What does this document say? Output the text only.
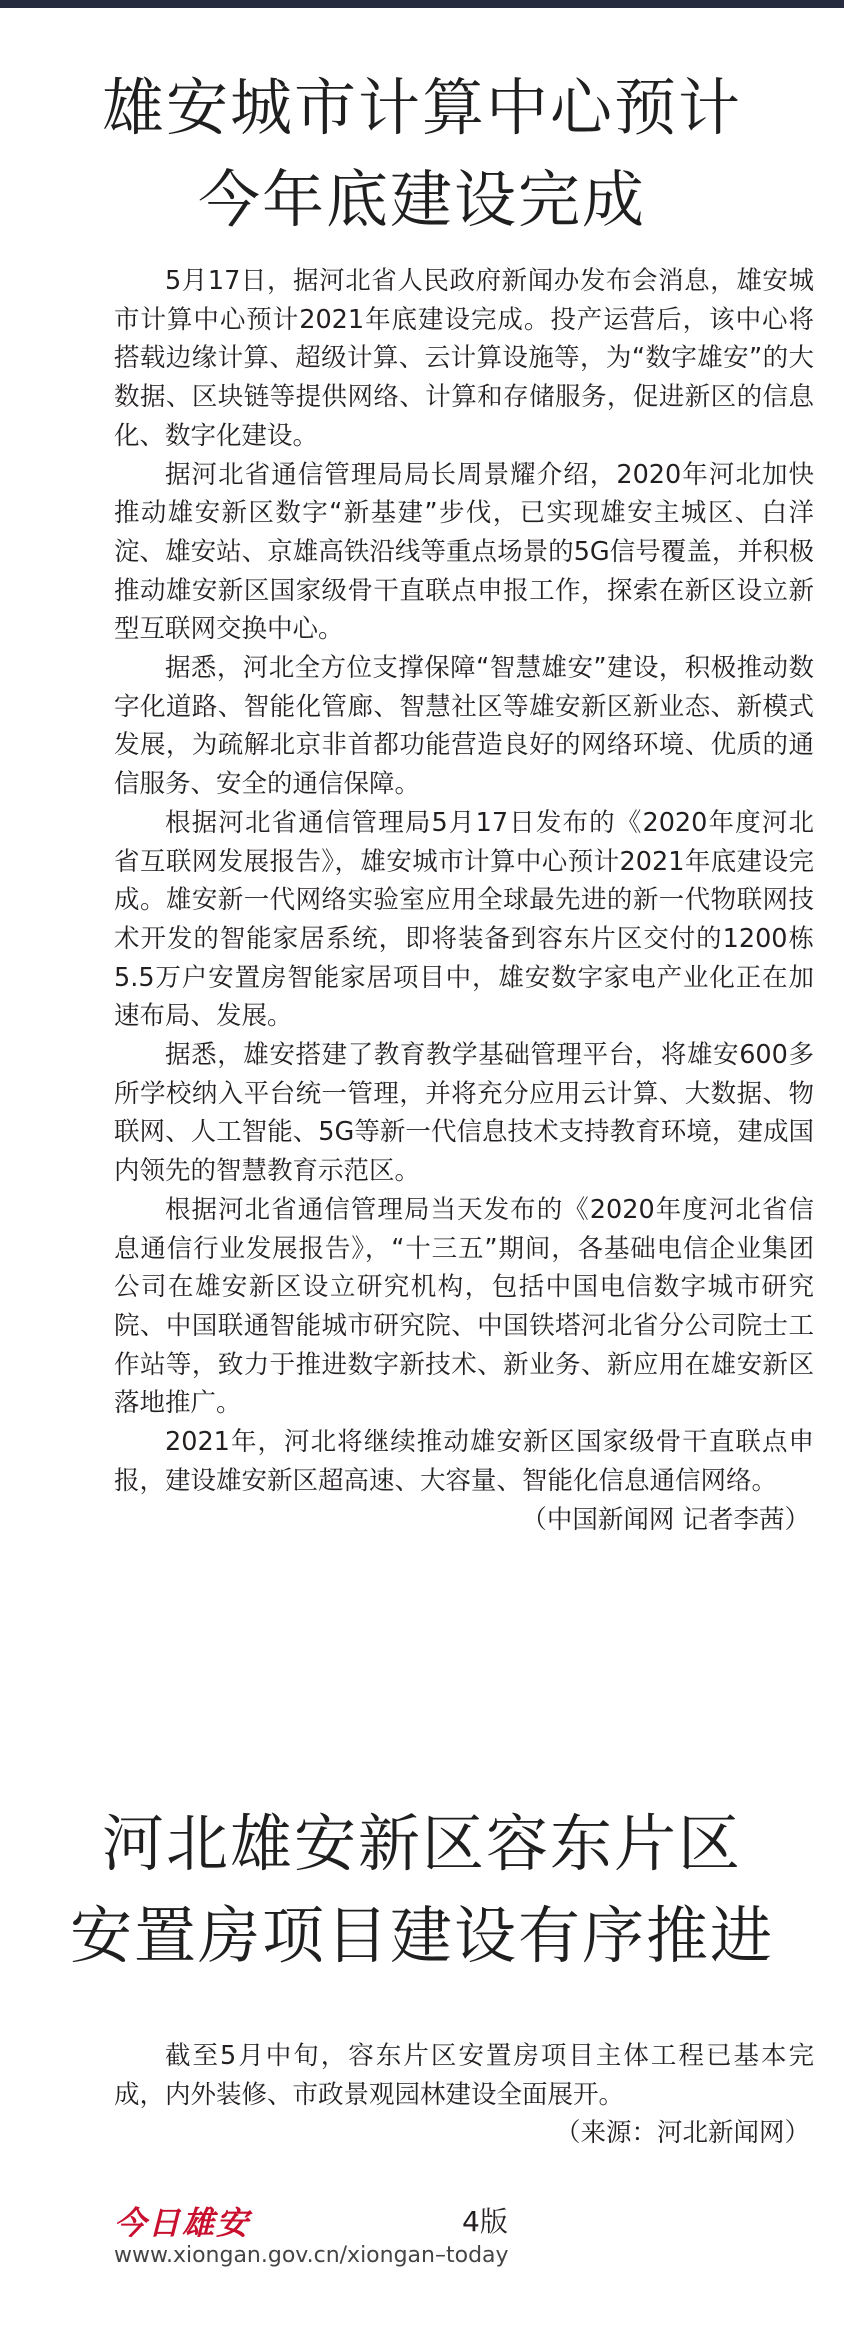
雄安城市计算中心预计
今年底建设完成

5月17日，据河北省人民政府新闻办发布会消息，雄安城市计算中心预计2021年底建设完成。投产运营后，该中心将搭载边缘计算、超级计算、云计算设施等，为“数字雄安”的大数据、区块链等提供网络、计算和存储服务，促进新区的信息化、数字化建设。

据河北省通信管理局局长周景耀介绍，2020年河北加快推动雄安新区数字“新基建”步伐，已实现雄安主城区、白洋淀、雄安站、京雄高铁沿线等重点场景的5G信号覆盖，并积极推动雄安新区国家级骨干直联点申报工作，探索在新区设立新型互联网交换中心。

据悉，河北全方位支撑保障“智慧雄安”建设，积极推动数字化道路、智能化管廊、智慧社区等雄安新区新业态、新模式发展，为疏解北京非首都功能营造良好的网络环境、优质的通信服务、安全的通信保障。

根据河北省通信管理局5月17日发布的《2020年度河北省互联网发展报告》，雄安城市计算中心预计2021年底建设完成。雄安新一代网络实验室应用全球最先进的新一代物联网技术开发的智能家居系统，即将装备到容东片区交付的1200栋5.5万户安置房智能家居项目中，雄安数字家电产业化正在加速布局、发展。

据悉，雄安搭建了教育教学基础管理平台，将雄安600多所学校纳入平台统一管理，并将充分应用云计算、大数据、物联网、人工智能、5G等新一代信息技术支持教育环境，建成国内领先的智慧教育示范区。

根据河北省通信管理局当天发布的《2020年度河北省信息通信行业发展报告》，“十三五”期间，各基础电信企业集团公司在雄安新区设立研究机构，包括中国电信数字城市研究院、中国联通智能城市研究院、中国铁塔河北省分公司院士工作站等，致力于推进数字新技术、新业务、新应用在雄安新区落地推广。

2021年，河北将继续推动雄安新区国家级骨干直联点申报，建设雄安新区超高速、大容量、智能化信息通信网络。
（中国新闻网 记者李茜）

河北雄安新区容东片区
安置房项目建设有序推进

截至5月中旬，容东片区安置房项目主体工程已基本完成，内外装修、市政景观园林建设全面展开。

（来源：河北新闻网）
今日雄安	4版
www.xiongan.gov.cn/xiongan–today
